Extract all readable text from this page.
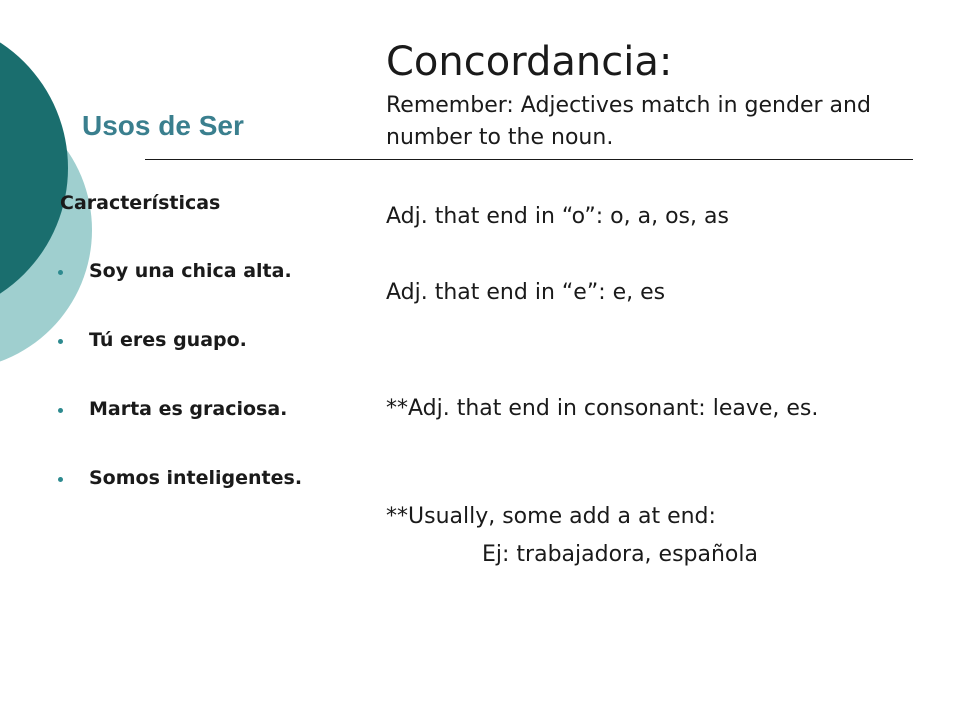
Usos de Ser

Características

Soy una chica alta.
Tú eres guapo.
Marta es graciosa.
Somos inteligentes.
Concordancia:

Remember: Adjectives match in gender and number to the noun.

Adj. that end in “o”: o, a, os, as

Adj. that end in “e”: e, es

**Adj. that end in consonant: leave, es.

**Usually, some add a at end:

Ej: trabajadora, española
